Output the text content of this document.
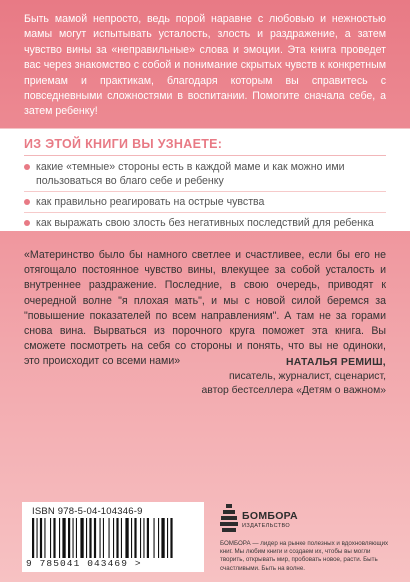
Быть мамой непросто, ведь порой наравне с любовью и нежностью мамы могут испытывать усталость, злость и раздражение, а затем чувство вины за «неправильные» слова и эмоции. Эта книга проведет вас через знакомство с собой и понимание скрытых чувств к конкретным приемам и практикам, благодаря которым вы справитесь с повседневными сложностями в воспитании. Помогите сначала себе, а затем ребенку!

ИЗ ЭТОЙ КНИГИ ВЫ УЗНАЕТЕ:
какие «темные» стороны есть в каждой маме и как можно ими пользоваться во благо себе и ребенку
как правильно реагировать на острые чувства
как выражать свою злость без негативных последствий для ребенка

«Материнство было бы намного светлее и счастливее, если бы его не отягощало постоянное чувство вины, влекущее за собой усталость и внутреннее раздражение. Последние, в свою очередь, приводят к очередной волне "я плохая мать", и мы с новой силой беремся за "повышение показателей по всем направлениям". А там не за горами снова вина. Вырваться из порочного круга поможет эта книга. Вы сможете посмотреть на себя со стороны и понять, что вы не одиноки, это происходит со всеми нами»	НАТАЛЬЯ РЕМИШ,
писатель, журналист, сценарист,
автор бестселлера «Детям о важном»
ISBN 978-5-04-104346-9
9 785041 043469 >
БОМБОРА
ИЗДАТЕЛЬСТВО

БОМБОРА — лидер на рынке полезных и вдохновляющих книг. Мы любим книги и создаем их, чтобы вы могли творить, открывать мир, пробовать новое, расти. Быть счастливыми. Быть на волне.
